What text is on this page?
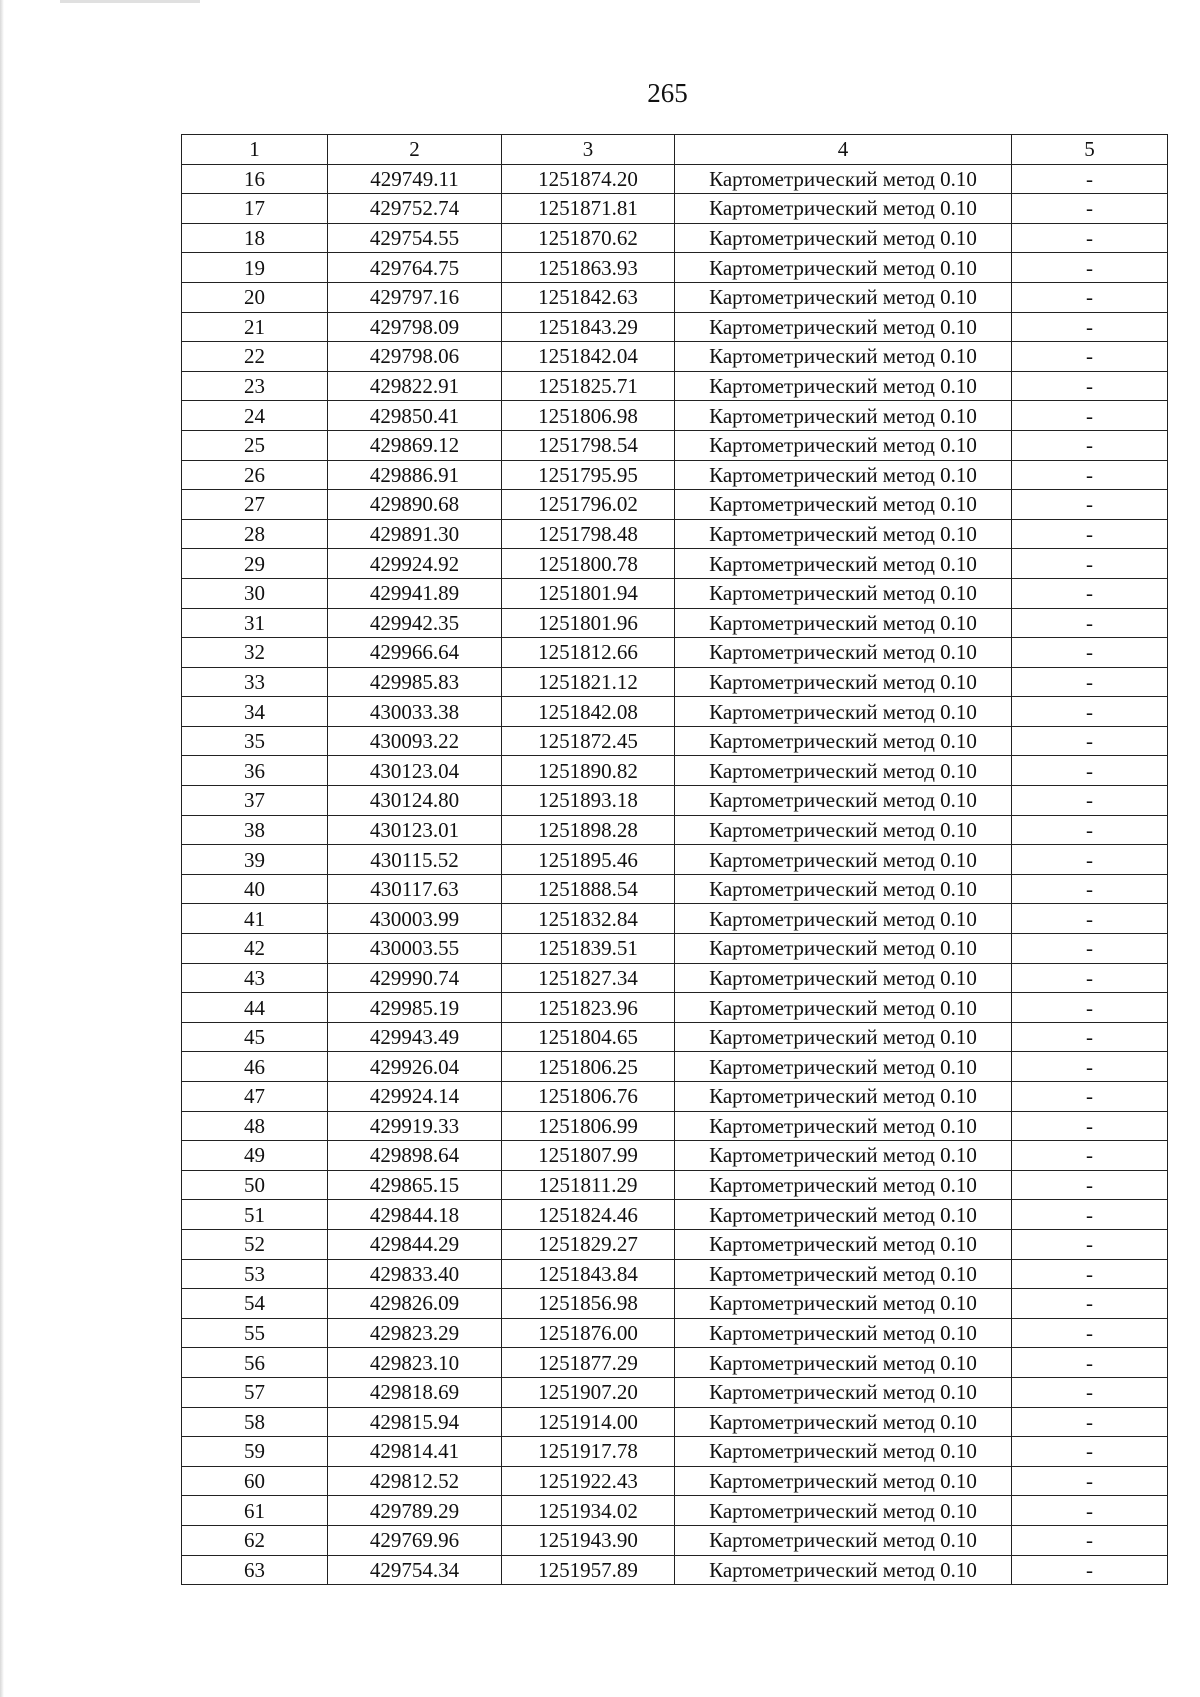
265
1	2	3	4	5
16	429749.11	1251874.20	Картометрический метод 0.10	-
17	429752.74	1251871.81	Картометрический метод 0.10	-
18	429754.55	1251870.62	Картометрический метод 0.10	-
19	429764.75	1251863.93	Картометрический метод 0.10	-
20	429797.16	1251842.63	Картометрический метод 0.10	-
21	429798.09	1251843.29	Картометрический метод 0.10	-
22	429798.06	1251842.04	Картометрический метод 0.10	-
23	429822.91	1251825.71	Картометрический метод 0.10	-
24	429850.41	1251806.98	Картометрический метод 0.10	-
25	429869.12	1251798.54	Картометрический метод 0.10	-
26	429886.91	1251795.95	Картометрический метод 0.10	-
27	429890.68	1251796.02	Картометрический метод 0.10	-
28	429891.30	1251798.48	Картометрический метод 0.10	-
29	429924.92	1251800.78	Картометрический метод 0.10	-
30	429941.89	1251801.94	Картометрический метод 0.10	-
31	429942.35	1251801.96	Картометрический метод 0.10	-
32	429966.64	1251812.66	Картометрический метод 0.10	-
33	429985.83	1251821.12	Картометрический метод 0.10	-
34	430033.38	1251842.08	Картометрический метод 0.10	-
35	430093.22	1251872.45	Картометрический метод 0.10	-
36	430123.04	1251890.82	Картометрический метод 0.10	-
37	430124.80	1251893.18	Картометрический метод 0.10	-
38	430123.01	1251898.28	Картометрический метод 0.10	-
39	430115.52	1251895.46	Картометрический метод 0.10	-
40	430117.63	1251888.54	Картометрический метод 0.10	-
41	430003.99	1251832.84	Картометрический метод 0.10	-
42	430003.55	1251839.51	Картометрический метод 0.10	-
43	429990.74	1251827.34	Картометрический метод 0.10	-
44	429985.19	1251823.96	Картометрический метод 0.10	-
45	429943.49	1251804.65	Картометрический метод 0.10	-
46	429926.04	1251806.25	Картометрический метод 0.10	-
47	429924.14	1251806.76	Картометрический метод 0.10	-
48	429919.33	1251806.99	Картометрический метод 0.10	-
49	429898.64	1251807.99	Картометрический метод 0.10	-
50	429865.15	1251811.29	Картометрический метод 0.10	-
51	429844.18	1251824.46	Картометрический метод 0.10	-
52	429844.29	1251829.27	Картометрический метод 0.10	-
53	429833.40	1251843.84	Картометрический метод 0.10	-
54	429826.09	1251856.98	Картометрический метод 0.10	-
55	429823.29	1251876.00	Картометрический метод 0.10	-
56	429823.10	1251877.29	Картометрический метод 0.10	-
57	429818.69	1251907.20	Картометрический метод 0.10	-
58	429815.94	1251914.00	Картометрический метод 0.10	-
59	429814.41	1251917.78	Картометрический метод 0.10	-
60	429812.52	1251922.43	Картометрический метод 0.10	-
61	429789.29	1251934.02	Картометрический метод 0.10	-
62	429769.96	1251943.90	Картометрический метод 0.10	-
63	429754.34	1251957.89	Картометрический метод 0.10	-
